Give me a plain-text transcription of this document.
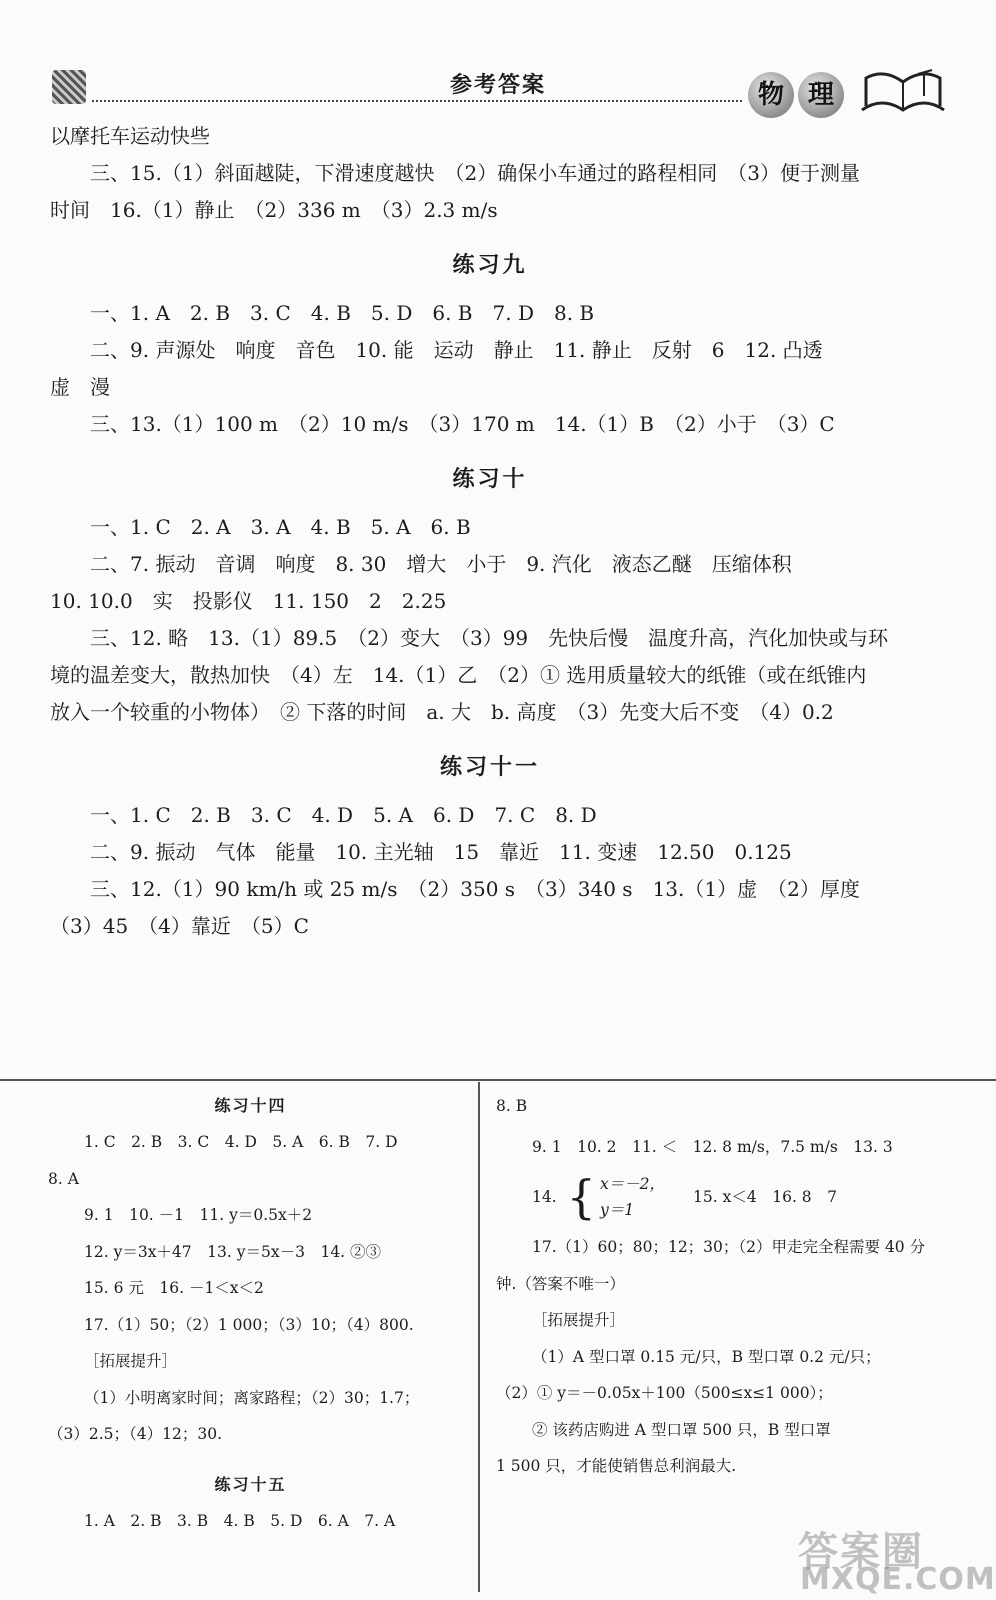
参考答案	物 理

以摩托车运动快些

三、15.（1）斜面越陡，下滑速度越快　（2）确保小车通过的路程相同　（3）便于测量

时间　16.（1）静止　（2）336 m　（3）2.3 m/s

练习九

一、1. A　2. B　3. C　4. B　5. D　6. B　7. D　8. B

二、9. 声源处　响度　音色　10. 能　运动　静止　11. 静止　反射　6　12. 凸透

虚　漫

三、13.（1）100 m　（2）10 m/s　（3）170 m　14.（1）B　（2）小于　（3）C

练习十

一、1. C　2. A　3. A　4. B　5. A　6. B

二、7. 振动　音调　响度　8. 30　增大　小于　9. 汽化　液态乙醚　压缩体积

10. 10.0　实　投影仪　11. 150　2　2.25

三、12. 略　13.（1）89.5　（2）变大　（3）99　先快后慢　温度升高，汽化加快或与环

境的温差变大，散热加快　（4）左　14.（1）乙　（2）① 选用质量较大的纸锥（或在纸锥内

放入一个较重的小物体）　② 下落的时间　a. 大　b. 高度　（3）先变大后不变　（4）0.2

练习十一

一、1. C　2. B　3. C　4. D　5. A　6. D　7. C　8. D

二、9. 振动　气体　能量　10. 主光轴　15　靠近　11. 变速　12.50　0.125

三、12.（1）90 km/h 或 25 m/s　（2）350 s　（3）340 s　13.（1）虚　（2）厚度

（3）45　（4）靠近　（5）C

练习十四

1. C　2. B　3. C　4. D　5. A　6. B　7. D

8. A

9. 1　10. －1　11. y＝0.5x＋2

12. y＝3x＋47　13. y＝5x－3　14. ②③

15. 6 元　16. －1＜x＜2

17.（1）50；（2）1 000；（3）10；（4）800.

［拓展提升］

（1）小明离家时间；离家路程；（2）30；1.7；

（3）2.5；（4）12；30.

练习十五

1. A　2. B　3. B　4. B　5. D　6. A　7. A

8. B

9. 1　10. 2　11. ＜　12. 8 m/s，7.5 m/s　13. 3

14. { x＝－2，
y＝1
15. x＜4　16. 8　7

17.（1）60；80；12；30；（2）甲走完全程需要 40 分

钟.（答案不唯一）

［拓展提升］

（1）A 型口罩 0.15 元/只，B 型口罩 0.2 元/只；

（2）① y＝－0.05x＋100（500≤x≤1 000）；

② 该药店购进 A 型口罩 500 只，B 型口罩

1 500 只，才能使销售总利润最大.

答案圈
MXQE.COM
